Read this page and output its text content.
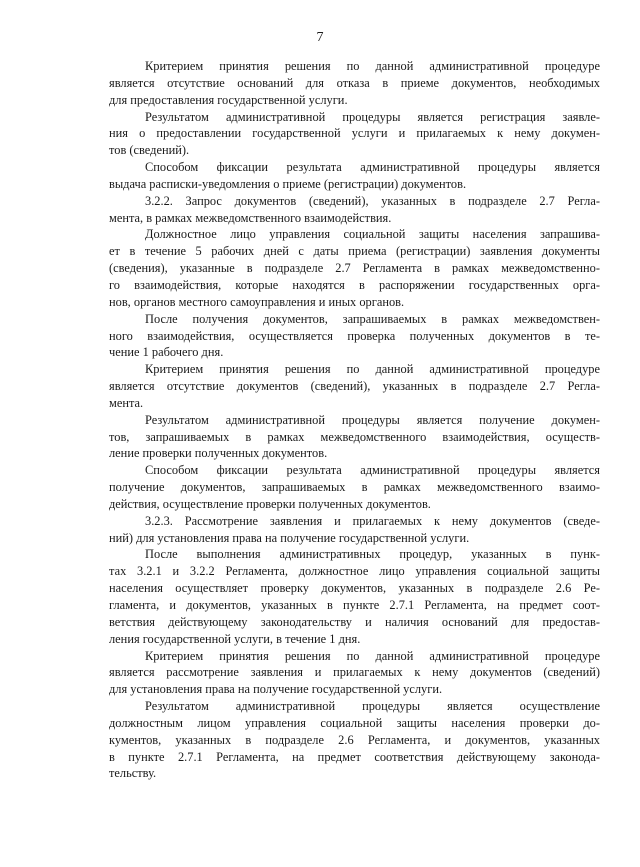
7
Критерием принятия решения по данной административной процедуре
является отсутствие оснований для отказа в приеме документов, необходимых
для предоставления государственной услуги.
Результатом административной процедуры является регистрация заявле-
ния о предоставлении государственной услуги и прилагаемых к нему докумен-
тов (сведений).
Способом фиксации результата административной процедуры является
выдача расписки-уведомления о приеме (регистрации) документов.
3.2.2. Запрос документов (сведений), указанных в подразделе 2.7 Регла-
мента, в рамках межведомственного взаимодействия.
Должностное лицо управления социальной защиты населения запрашива-
ет в течение 5 рабочих дней с даты приема (регистрации) заявления документы
(сведения), указанные в подразделе 2.7 Регламента в рамках межведомственно-
го взаимодействия, которые находятся в распоряжении государственных орга-
нов, органов местного самоуправления и иных органов.
После получения документов, запрашиваемых в рамках межведомствен-
ного взаимодействия, осуществляется проверка полученных документов в те-
чение 1 рабочего дня.
Критерием принятия решения по данной административной процедуре
является отсутствие документов (сведений), указанных в подразделе 2.7 Регла-
мента.
Результатом административной процедуры является получение докумен-
тов, запрашиваемых в рамках межведомственного взаимодействия, осуществ-
ление проверки полученных документов.
Способом фиксации результата административной процедуры является
получение документов, запрашиваемых в рамках межведомственного взаимо-
действия, осуществление проверки полученных документов.
3.2.3. Рассмотрение заявления и прилагаемых к нему документов (сведе-
ний) для установления права на получение государственной услуги.
После выполнения административных процедур, указанных в пунк-
тах 3.2.1 и 3.2.2 Регламента, должностное лицо управления социальной защиты
населения осуществляет проверку документов, указанных в подразделе 2.6 Ре-
гламента, и документов, указанных в пункте 2.7.1 Регламента, на предмет соот-
ветствия действующему законодательству и наличия оснований для предостав-
ления государственной услуги, в течение 1 дня.
Критерием принятия решения по данной административной процедуре
является рассмотрение заявления и прилагаемых к нему документов (сведений)
для установления права на получение государственной услуги.
Результатом административной процедуры является осуществление
должностным лицом управления социальной защиты населения проверки до-
кументов, указанных в подразделе 2.6 Регламента, и документов, указанных
в пункте 2.7.1 Регламента, на предмет соответствия действующему законода-
тельству.
